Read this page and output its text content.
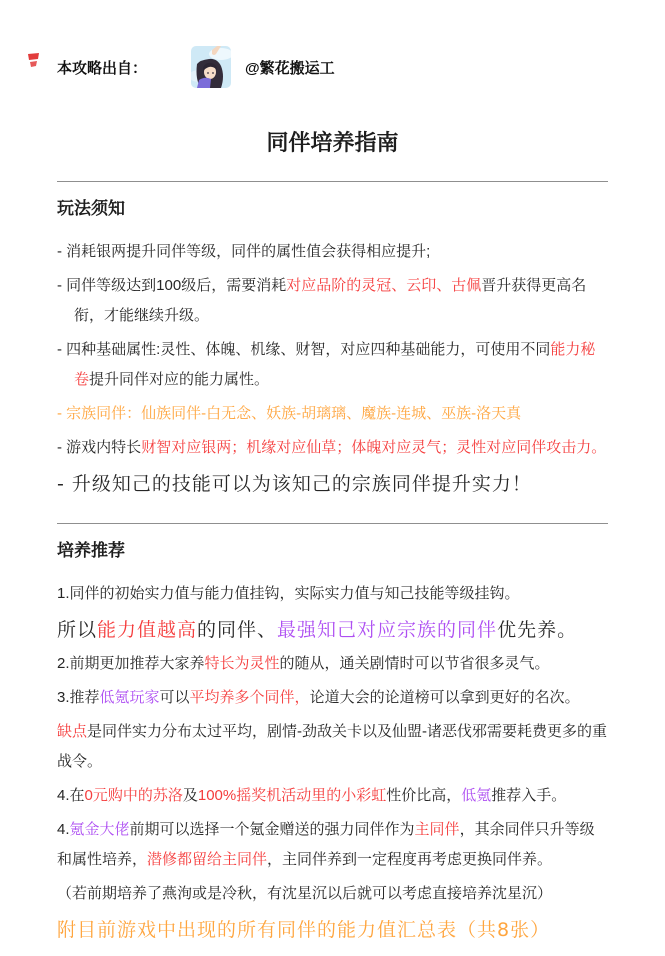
本攻略出自：	@繁花搬运工
同伴培养指南
玩法须知

- 消耗银两提升同伴等级，同伴的属性值会获得相应提升;

- 同伴等级达到100级后，需要消耗对应品阶的灵冠、云印、古佩晋升获得更高名衔，才能继续升级。

- 四种基础属性:灵性、体魄、机缘、财智，对应四种基础能力，可使用不同能力秘卷提升同伴对应的能力属性。

- 宗族同伴：仙族同伴-白无念、妖族-胡璃璃、魔族-连城、巫族-洛天真

- 游戏内特长财智对应银两；机缘对应仙草；体魄对应灵气；灵性对应同伴攻击力。

- 升级知己的技能可以为该知己的宗族同伴提升实力！

培养推荐

1.同伴的初始实力值与能力值挂钩，实际实力值与知己技能等级挂钩。

所以能力值越高的同伴、最强知己对应宗族的同伴优先养。

2.前期更加推荐大家养特长为灵性的随从，通关剧情时可以节省很多灵气。

3.推荐低氪玩家可以平均养多个同伴，论道大会的论道榜可以拿到更好的名次。

缺点是同伴实力分布太过平均，剧情-劲敌关卡以及仙盟-诸恶伐邪需要耗费更多的重战令。

4.在0元购中的苏洛及100%摇奖机活动里的小彩虹性价比高，低氪推荐入手。

4.氪金大佬前期可以选择一个氪金赠送的强力同伴作为主同伴，其余同伴只升等级和属性培养，潜修都留给主同伴，主同伴养到一定程度再考虑更换同伴养。

（若前期培养了燕洵或是冷秋，有沈星沉以后就可以考虑直接培养沈星沉）

附目前游戏中出现的所有同伴的能力值汇总表（共8张）
